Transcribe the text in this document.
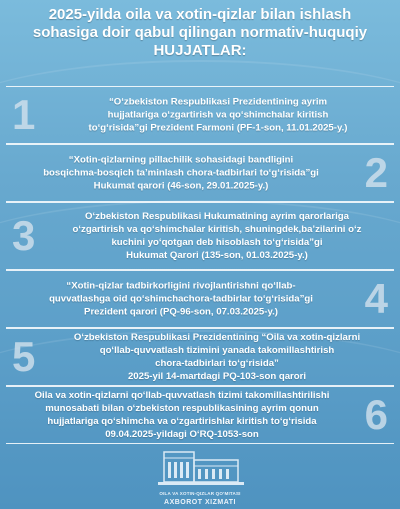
2025-yilda oila va xotin-qizlar bilan ishlash
sohasiga doir qabul qilingan normativ-huquqiy
HUJJATLAR:
1	“O‘zbekiston Respublikasi Prezidentining ayrim
hujjatlariga o‘zgartirish va qo‘shimchalar kiritish
to‘g‘risida”gi Prezident Farmoni (PF-1-son, 11.01.2025-y.)
“Xotin-qizlarning pillachilik sohasidagi bandligini
bosqichma-bosqich ta’minlash chora-tadbirlari to‘g‘risida”gi
Hukumat qarori (46-son, 29.01.2025-y.)	2
3	O‘zbekiston Respublikasi Hukumatining ayrim qarorlariga
o‘zgartirish va qo‘shimchalar kiritish, shuningdek,ba’zilarini o‘z
kuchini yo‘qotgan deb hisoblash to‘g‘risida”gi
Hukumat Qarori (135-son, 01.03.2025-y.)
“Xotin-qizlar tadbirkorligini rivojlantirishni qo‘llab-
quvvatlashga oid qo‘shimchachora-tadbirlar to‘g‘risida”gi
Prezident qarori (PQ-96-son, 07.03.2025-y.)	4
5	O‘zbekiston Respublikasi Prezidentining “Oila va xotin-qizlarni
qo‘llab-quvvatlash tizimini yanada takomillashtirish
chora-tadbirlari to‘g‘risida”
2025-yil 14-martdagi PQ-103-son qarori
Oila va xotin-qizlarni qo‘llab-quvvatlash tizimi takomillashtirilishi
munosabati bilan o‘zbekiston respublikasining ayrim qonun
hujjatlariga qo‘shimcha va o‘zgartirishlar kiritish to‘g‘risida
09.04.2025-yildagi O‘RQ-1053-son	6
OILA VA XOTIN-QIZLAR QO‘MITASI
AXBOROT XIZMATI
